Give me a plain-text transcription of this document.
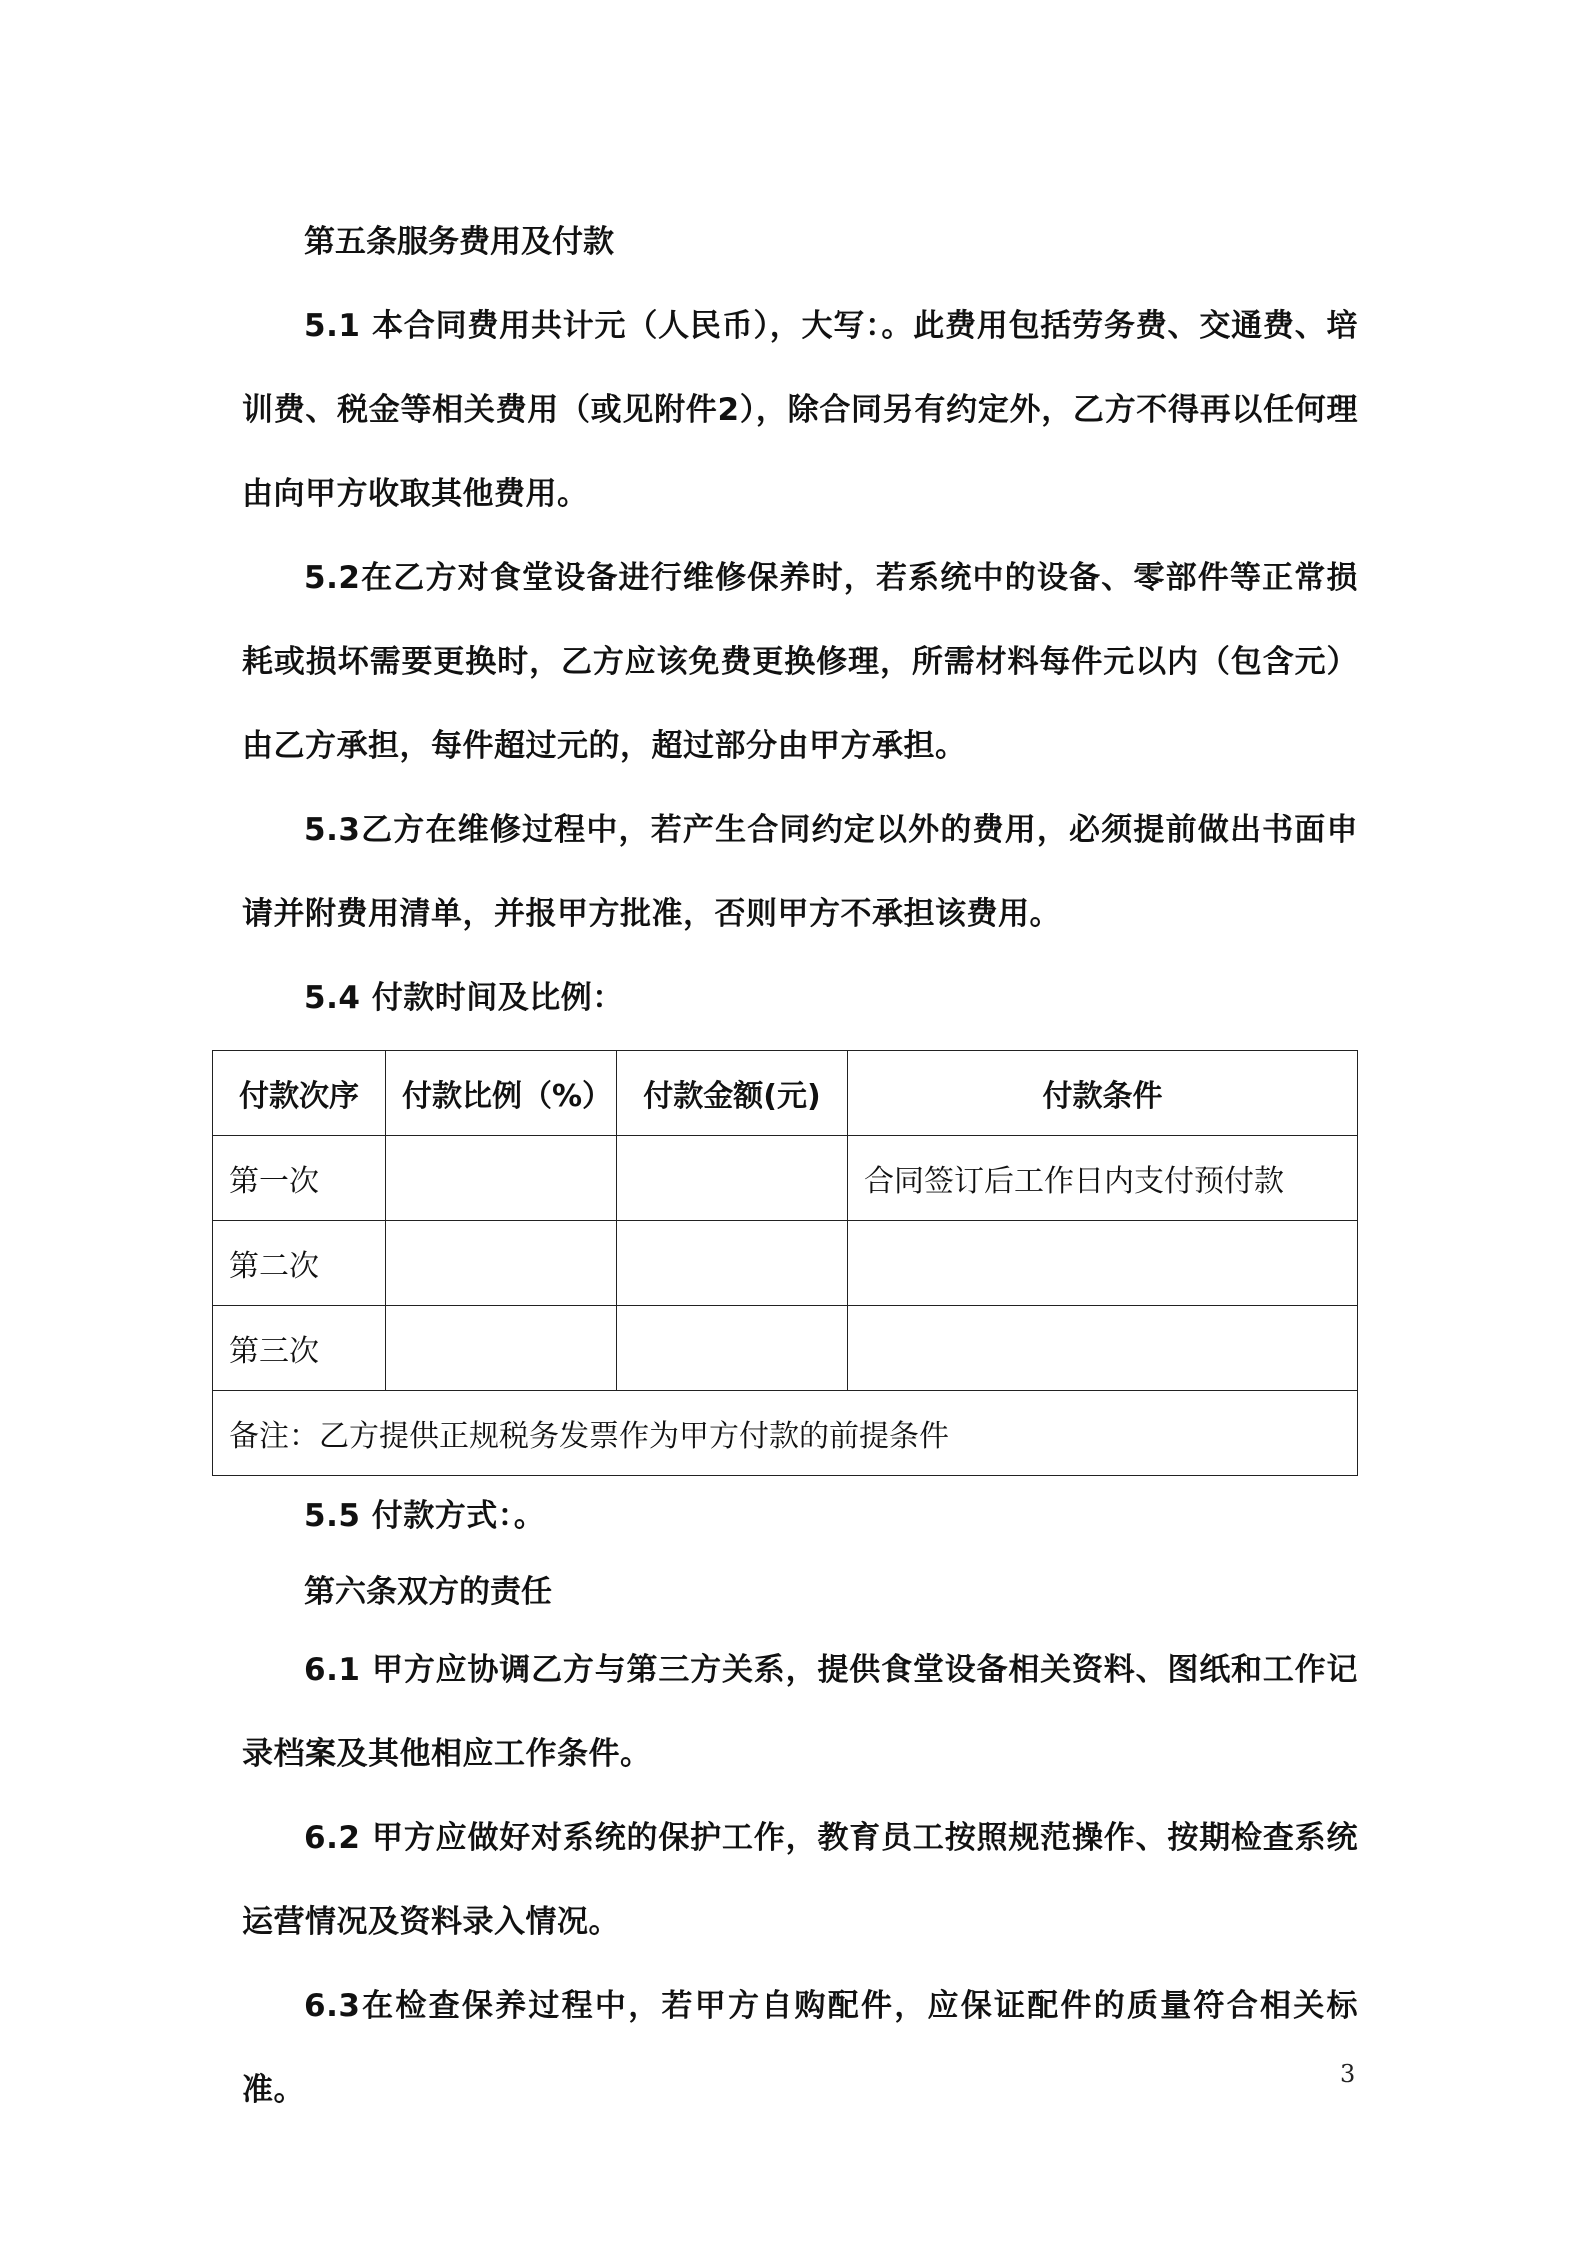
第五条服务费用及付款

5.1 本合同费用共计元（人民币），大写：。此费用包括劳务费、交通费、培训费、税金等相关费用（或见附件2），除合同另有约定外，乙方不得再以任何理由向甲方收取其他费用。

5.2在乙方对食堂设备进行维修保养时，若系统中的设备、零部件等正常损耗或损坏需要更换时，乙方应该免费更换修理，所需材料每件元以内（包含元）由乙方承担，每件超过元的，超过部分由甲方承担。

5.3乙方在维修过程中，若产生合同约定以外的费用，必须提前做出书面申请并附费用清单，并报甲方批准，否则甲方不承担该费用。

5.4 付款时间及比例：

付款次序	付款比例（%）	付款金额(元)	付款条件
第一次			合同签订后工作日内支付预付款
第二次			
第三次			
备注：乙方提供正规税务发票作为甲方付款的前提条件			

5.5 付款方式：。

第六条双方的责任

6.1 甲方应协调乙方与第三方关系，提供食堂设备相关资料、图纸和工作记录档案及其他相应工作条件。

6.2 甲方应做好对系统的保护工作，教育员工按照规范操作、按期检查系统运营情况及资料录入情况。

6.3在检查保养过程中，若甲方自购配件，应保证配件的质量符合相关标准。	3
